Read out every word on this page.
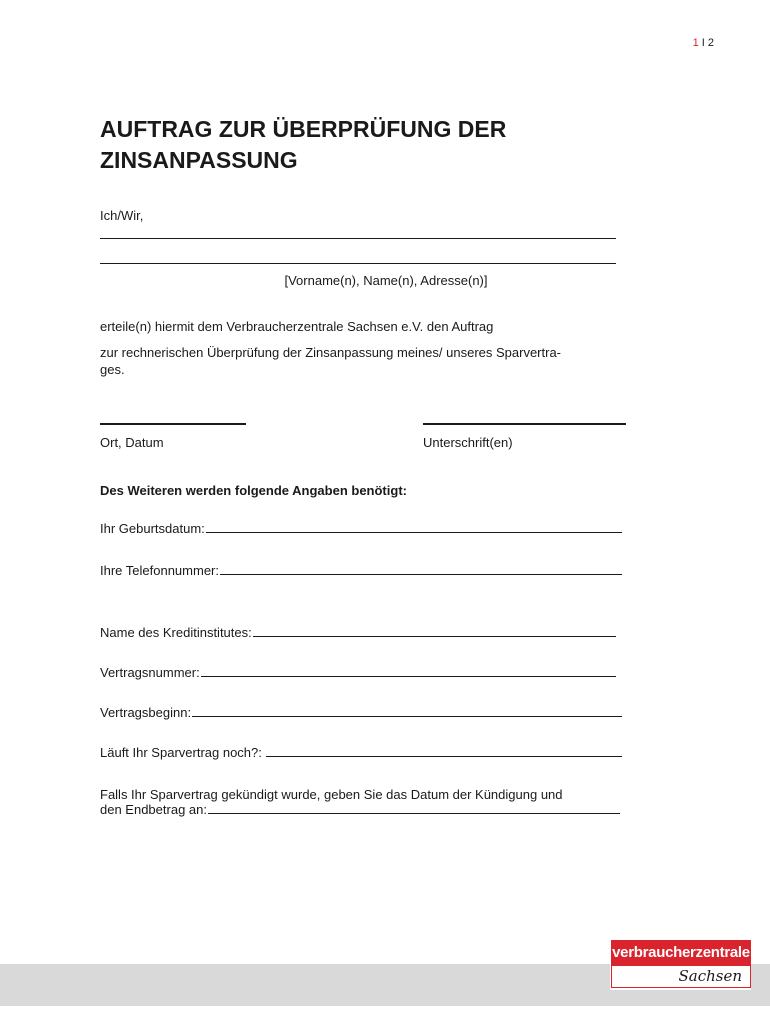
1 I 2
AUFTRAG ZUR ÜBERPRÜFUNG DER ZINSANPASSUNG
Ich/Wir,
[Vorname(n), Name(n), Adresse(n)]
erteile(n) hiermit dem Verbraucherzentrale Sachsen e.V. den Auftrag
zur rechnerischen Überprüfung der Zinsanpassung meines/ unseres Sparvertra-
ges.
Ort, Datum	Unterschrift(en)
Des Weiteren werden folgende Angaben benötigt:
Ihr Geburtsdatum:
Ihre Telefonnummer:
Name des Kreditinstitutes:
Vertragsnummer:
Vertragsbeginn:
Läuft Ihr Sparvertrag noch?:
Falls Ihr Sparvertrag gekündigt wurde, geben Sie das Datum der Kündigung und
den Endbetrag an:
verbraucherzentrale
Sachsen
